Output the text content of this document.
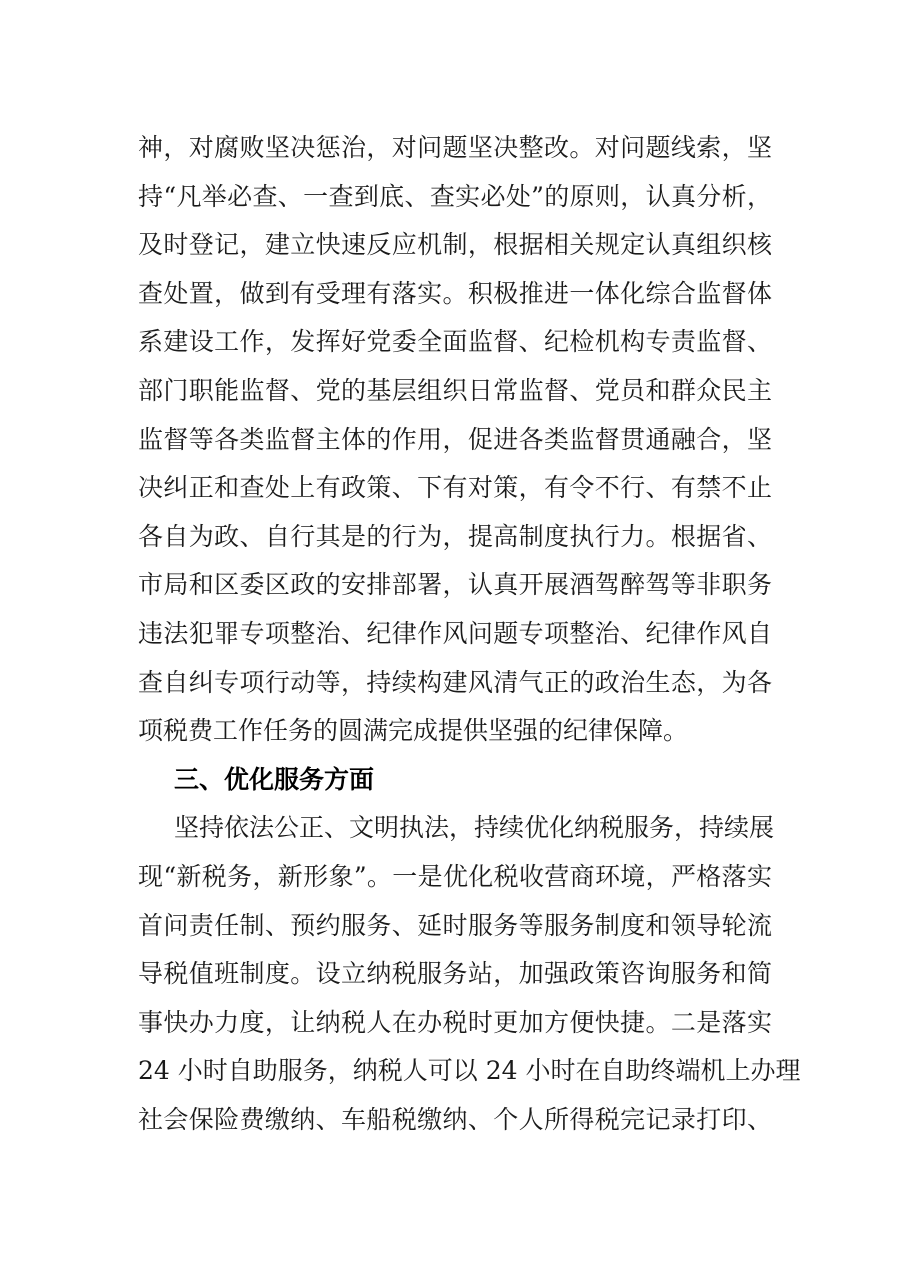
神，对腐败坚决惩治，对问题坚决整改。对问题线索，坚
持“凡举必查、一查到底、查实必处”的原则，认真分析，
及时登记，建立快速反应机制，根据相关规定认真组织核
查处置，做到有受理有落实。积极推进一体化综合监督体
系建设工作，发挥好党委全面监督、纪检机构专责监督、
部门职能监督、党的基层组织日常监督、党员和群众民主
监督等各类监督主体的作用，促进各类监督贯通融合，坚
决纠正和查处上有政策、下有对策，有令不行、有禁不止
各自为政、自行其是的行为，提高制度执行力。根据省、
市局和区委区政的安排部署，认真开展酒驾醉驾等非职务
违法犯罪专项整治、纪律作风问题专项整治、纪律作风自
查自纠专项行动等，持续构建风清气正的政治生态，为各
项税费工作任务的圆满完成提供坚强的纪律保障。
三、优化服务方面
坚持依法公正、文明执法，持续优化纳税服务，持续展
现“新税务，新形象”。一是优化税收营商环境，严格落实
首问责任制、预约服务、延时服务等服务制度和领导轮流
导税值班制度。设立纳税服务站，加强政策咨询服务和简
事快办力度，让纳税人在办税时更加方便快捷。二是落实
24 小时自助服务，纳税人可以 24 小时在自助终端机上办理
社会保险费缴纳、车船税缴纳、个人所得税完记录打印、
